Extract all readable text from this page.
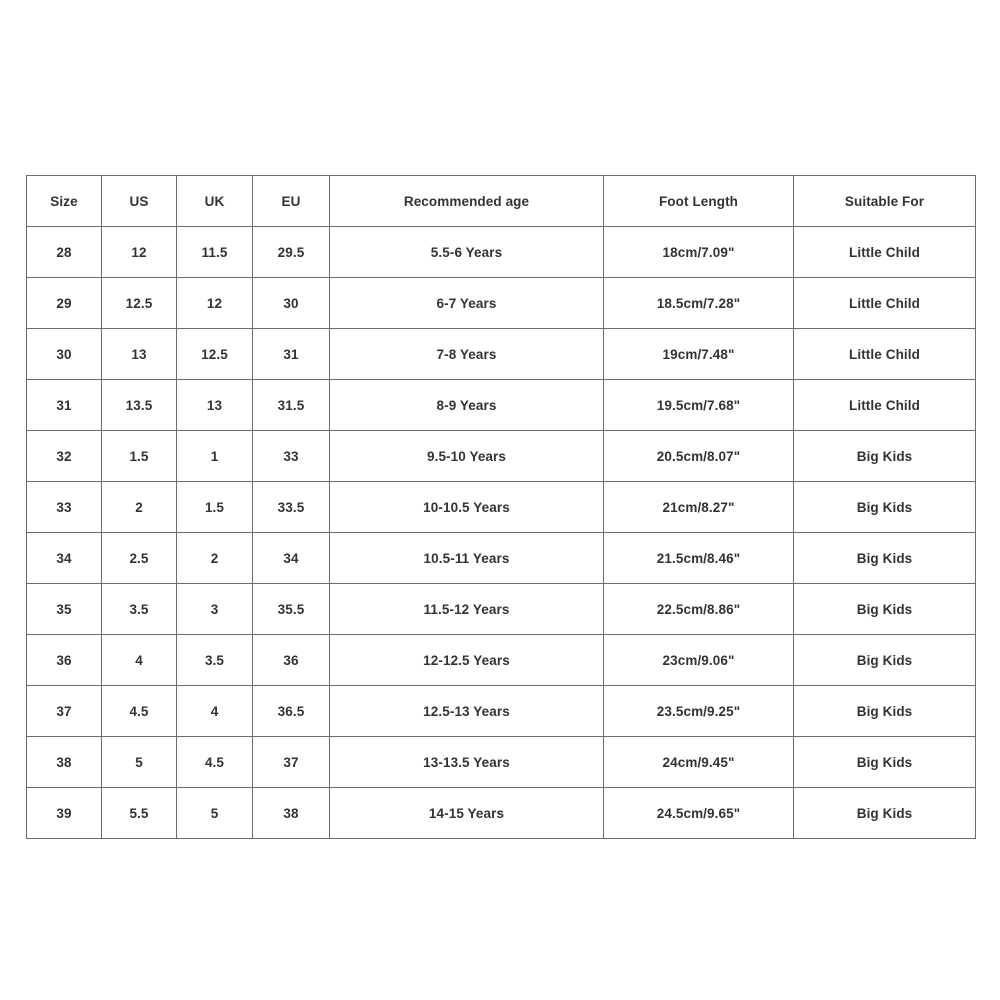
Size	US	UK	EU	Recommended age	Foot Length	Suitable For
28	12	11.5	29.5	5.5-6 Years	18cm/7.09"	Little Child
29	12.5	12	30	6-7 Years	18.5cm/7.28"	Little Child
30	13	12.5	31	7-8 Years	19cm/7.48"	Little Child
31	13.5	13	31.5	8-9 Years	19.5cm/7.68"	Little Child
32	1.5	1	33	9.5-10 Years	20.5cm/8.07"	Big Kids
33	2	1.5	33.5	10-10.5 Years	21cm/8.27"	Big Kids
34	2.5	2	34	10.5-11 Years	21.5cm/8.46"	Big Kids
35	3.5	3	35.5	11.5-12 Years	22.5cm/8.86"	Big Kids
36	4	3.5	36	12-12.5 Years	23cm/9.06"	Big Kids
37	4.5	4	36.5	12.5-13 Years	23.5cm/9.25"	Big Kids
38	5	4.5	37	13-13.5 Years	24cm/9.45"	Big Kids
39	5.5	5	38	14-15 Years	24.5cm/9.65"	Big Kids
